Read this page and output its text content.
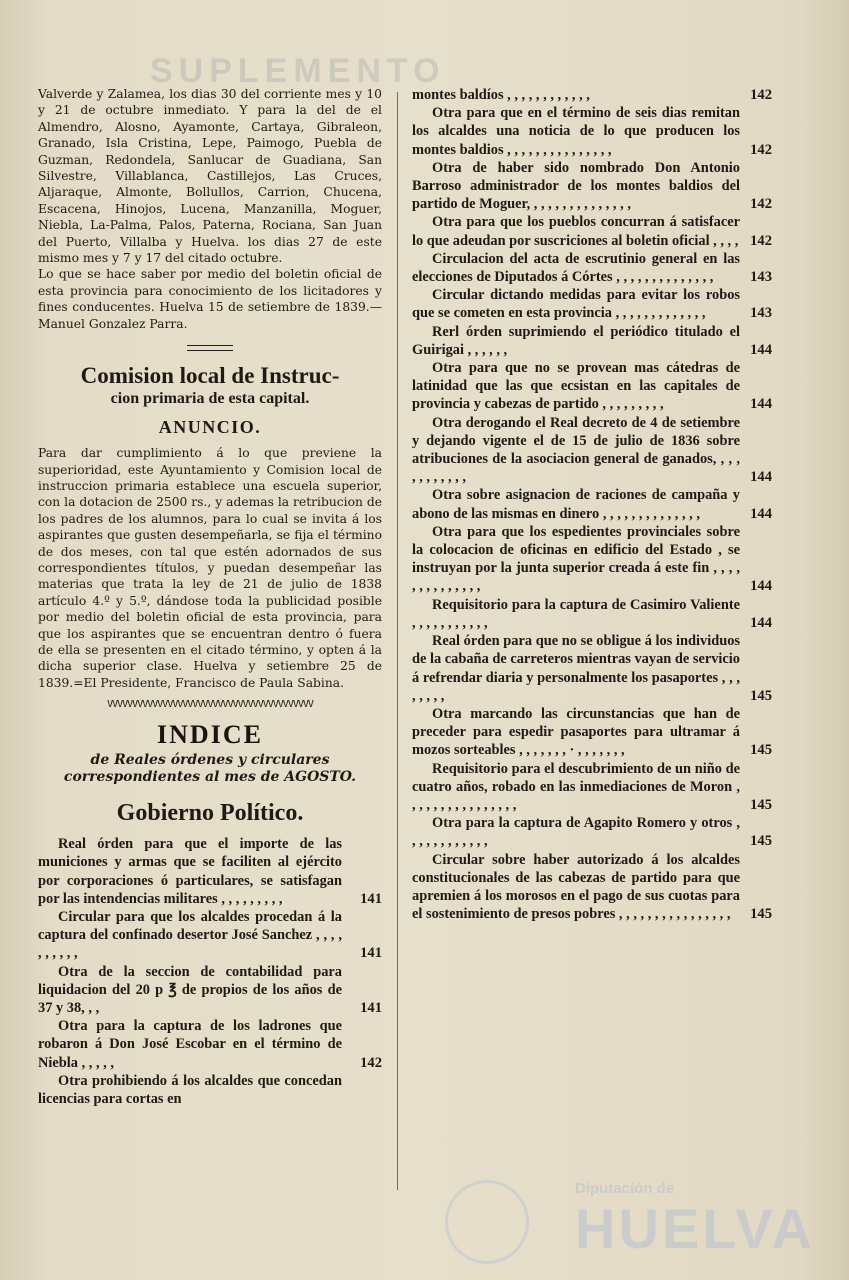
SUPLEMENTO

Valverde y Zalamea, los dias 30 del corriente mes y 10 y 21 de octubre inmediato. Y para la del de el Almendro, Alosno, Ayamonte, Cartaya, Gibraleon, Granado, Isla Cristina, Lepe, Paimogo, Puebla de Guzman, Redondela, Sanlucar de Guadiana, San Silvestre, Villablanca, Castillejos, Las Cruces, Aljaraque, Almonte, Bollullos, Carrion, Chucena, Escacena, Hinojos, Lucena, Manzanilla, Moguer, Niebla, La-Palma, Palos, Paterna, Rociana, San Juan del Puerto, Villalba y Huelva. los dias 27 de este mismo mes y 7 y 17 del citado octubre.

Lo que se hace saber por medio del boletin oficial de esta provincia para conocimiento de los licitadores y fines conducentes. Huelva 15 de setiembre de 1839.—Manuel Gonzalez Parra.

Comision local de Instruc-

cion primaria de esta capital.

ANUNCIO.

Para dar cumplimiento á lo que previene la superioridad, este Ayuntamiento y Comision local de instruccion primaria establece una escuela superior, con la dotacion de 2500 rs., y ademas la retribucion de los padres de los alumnos, para lo cual se invita á los aspirantes que gusten desempeñarla, se fija el término de dos meses, con tal que estén adornados de sus correspondientes títulos, y puedan desempeñar las materias que trata la ley de 21 de julio de 1838 artículo 4.º y 5.º, dándose toda la publicidad posible por medio del boletin oficial de esta provincia, para que los aspirantes que se encuentran dentro ó fuera de ella se presenten en el citado término, y opten á la dicha superior clase. Huelva y setiembre 25 de 1839.=El Presidente, Francisco de Paula Sabina.

VVVVVVVVVVVVVVVVVVVVVVVVVVVVVVVVVVVVVVVVV

INDICE

de Reales órdenes y circulares correspondientes al mes de AGOSTO.

Gobierno Político.

Real órden para que el importe de las municiones y armas que se faciliten al ejército por corporaciones ó particulares, se satisfagan por las intendencias militares , , , , , , , , ,	141

Circular para que los alcaldes procedan á la captura del confinado desertor José Sanchez , , , , , , , , , ,	141

Otra de la seccion de contabilidad para liquidacion del 20 p ℥ de propios de los años de 37 y 38, , ,	141

Otra para la captura de los ladrones que robaron á Don José Escobar en el término de Niebla , , , , ,	142

Otra prohibiendo á los alcaldes que concedan licencias para cortas en

montes baldíos , , , , , , , , , , , ,	142

Otra para que en el término de seis dias remitan los alcaldes una noticia de lo que producen los montes baldios , , , , , , , , , , , , , , ,	142

Otra de haber sido nombrado Don Antonio Barroso administrador de los montes baldios del partido de Moguer, , , , , , , , , , , , , , ,	142

Otra para que los pueblos concurran á satisfacer lo que adeudan por suscriciones al boletin oficial , , , , 142

Circulacion del acta de escrutinio general en las elecciones de Diputados á Córtes , , , , , , , , , , , , , ,	143

Circular dictando medidas para evitar los robos que se cometen en esta provincia , , , , , , , , , , , , ,	143

Rerl órden suprimiendo el periódico titulado el Guirigai , , , , , ,	144

Otra para que no se provean mas cátedras de latinidad que las que ecsistan en las capitales de provincia y cabezas de partido , , , , , , , , ,	144

Otra derogando el Real decreto de 4 de setiembre y dejando vigente el de 15 de julio de 1836 sobre atribuciones de la asociacion general de ganados, , , , , , , , , , , ,	144

Otra sobre asignacion de raciones de campaña y abono de las mismas en dinero , , , , , , , , , , , , , ,	144

Otra para que los espedientes provinciales sobre la colocacion de oficinas en edificio del Estado , se instruyan por la junta superior creada á este fin , , , , , , , , , , , , , ,	144

Requisitorio para la captura de Casimiro Valiente , , , , , , , , , , ,	144

Real órden para que no se obligue á los individuos de la cabaña de carreteros mientras vayan de servicio á refrendar diaria y personalmente los pasaportes , , , , , , , ,	145

Otra marcando las circunstancias que han de preceder para espedir pasaportes para ultramar á mozos sorteables , , , , , , , · , , , , , , ,	145

Requisitorio para el descubrimiento de un niño de cuatro años, robado en las inmediaciones de Moron , , , , , , , , , , , , , , , ,	145

Otra para la captura de Agapito Romero y otros , , , , , , , , , , , ,	145

Circular sobre haber autorizado á los alcaldes constitucionales de las cabezas de partido para que apremien á los morosos en el pago de sus cuotas para el sostenimiento de presos pobres , , , , , , , , , , , , , , , ,	145

Diputación de
HUELVA
